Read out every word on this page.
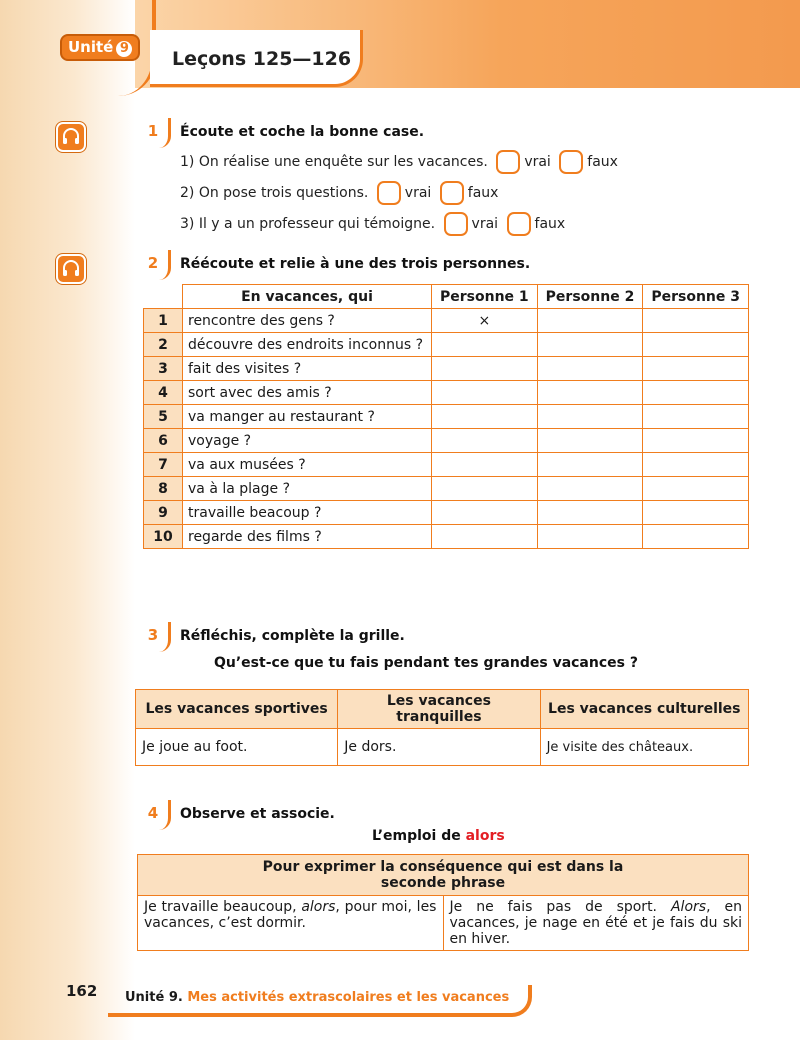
Unité 9	Leçons 125—126
1	Écoute et coche la bonne case.
1) On réalise une enquête sur les vacances.	vrai	faux
2) On pose trois questions.	vrai	faux
3) Il y a un professeur qui témoigne.	vrai	faux
2	Réécoute et relie à une des trois personnes.
	En vacances, qui	Personne 1	Personne 2	Personne 3
1	rencontre des gens ?	×		
2	découvre des endroits inconnus ?			
3	fait des visites ?			
4	sort avec des amis ?			
5	va manger au restaurant ?			
6	voyage ?			
7	va aux musées ?			
8	va à la plage ?			
9	travaille beacoup ?			
10	regarde des films ?			
3	Réfléchis, complète la grille.
Qu’est-ce que tu fais pendant tes grandes vacances ?
Les vacances sportives	Les vacances tranquilles	Les vacances culturelles
Je joue au foot.	Je dors.	Je visite des châteaux.
4	Observe et associe.
L’emploi de alors
Pour exprimer la conséquence qui est dans la seconde phrase
Je travaille beaucoup, alors, pour moi, les vacances, c’est dormir.	Je ne fais pas de sport. Alors, en vacances, je nage en été et je fais du ski en hiver.
162 Unité 9. Mes activités extrascolaires et les vacances
